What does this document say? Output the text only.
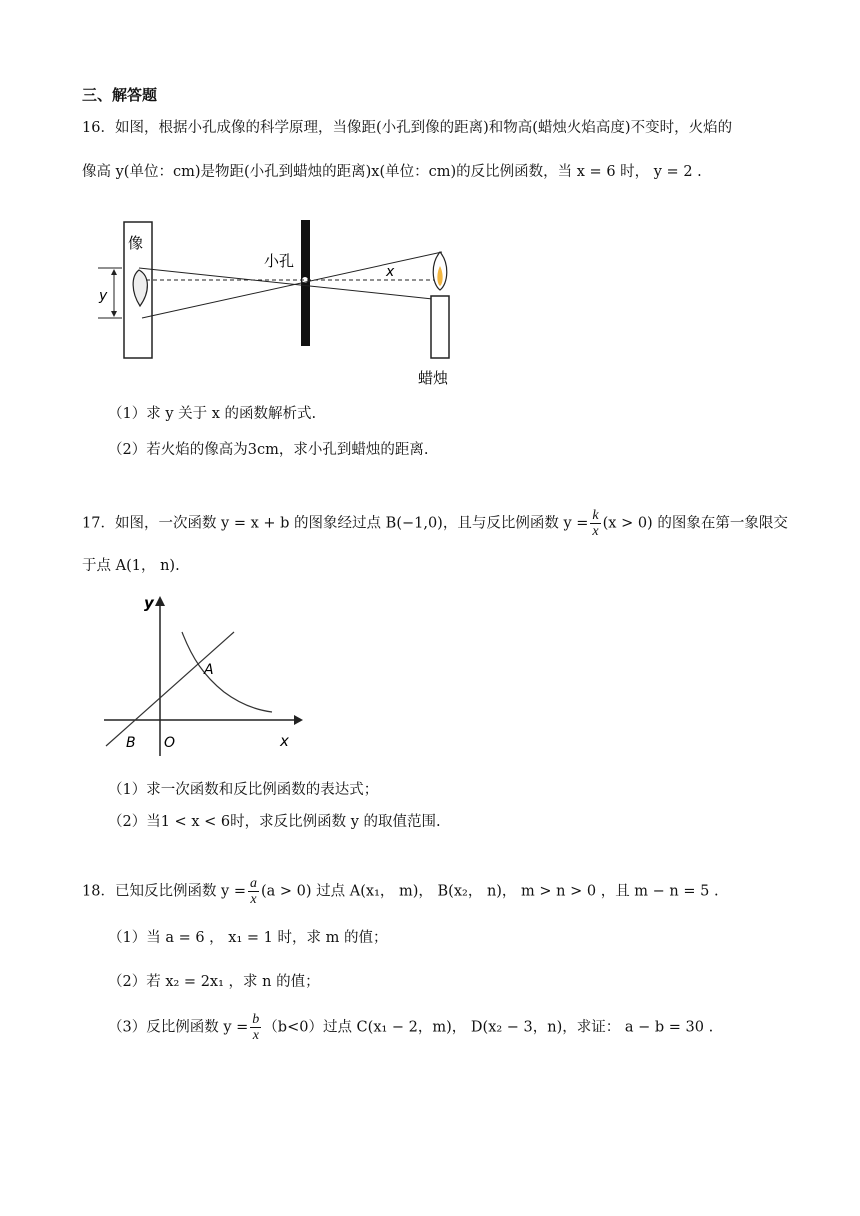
三、解答题
16．如图，根据小孔成像的科学原理，当像距(小孔到像的距离)和物高(蜡烛火焰高度)不变时，火焰的
像高 y(单位：cm)是物距(小孔到蜡烛的距离)x(单位：cm)的反比例函数，当 x = 6 时， y = 2 .
像
y
小孔
x
蜡烛
（1）求 y 关于 x 的函数解析式.
（2）若火焰的像高为3cm，求小孔到蜡烛的距离.
17．如图，一次函数 y = x + b 的图象经过点 B(−1,0)，且与反比例函数 $y = \frac{k}{x} (x > 0)$ 的图象在第一象限交
于点 A(1， n).
y
x
O
B
A
（1）求一次函数和反比例函数的表达式；
（2）当1 < x < 6时，求反比例函数 y 的取值范围.
18．已知反比例函数 $y = \frac{a}{x} (a > 0)$ 过点 A(x₁， m)， B(x₂， n)， m > n > 0 ，且 m − n = 5 .
（1）当 a = 6 ， x₁ = 1 时，求 m 的值；
（2）若 x₂ = 2x₁ ，求 n 的值；
（3）反比例函数 $y = \frac{b}{x} (b<0)$过点 C(x₁ − 2，m)， D(x₂ − 3，n)，求证： a − b = 30 .
